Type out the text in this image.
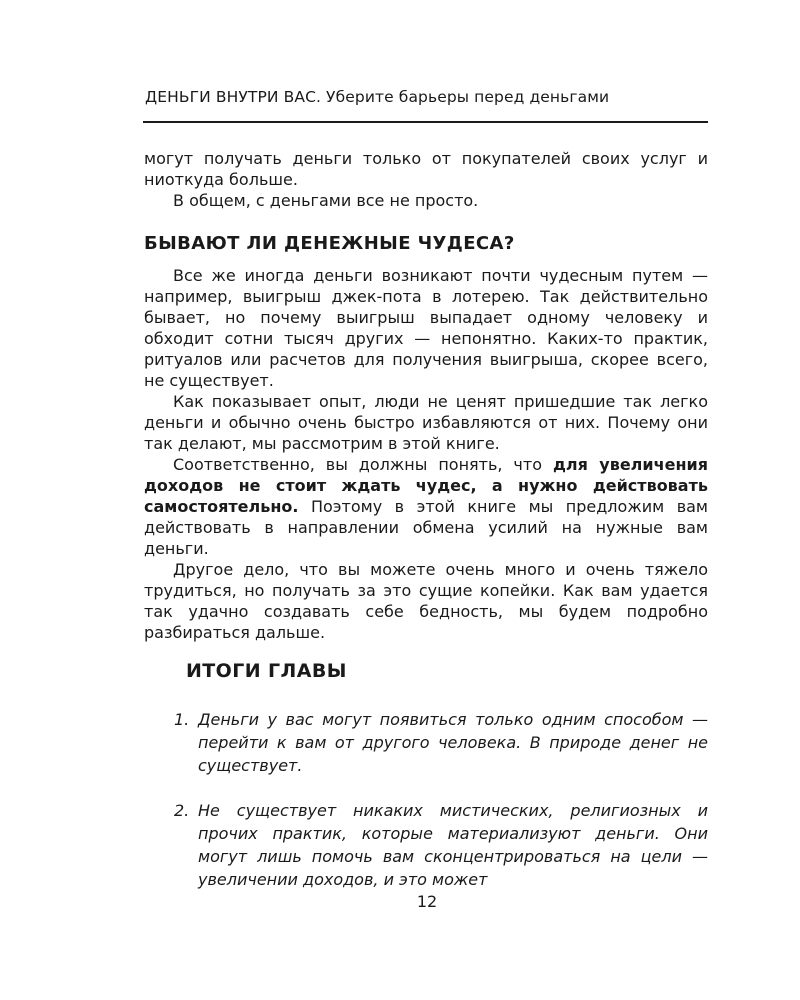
ДЕНЬГИ ВНУТРИ ВАС. Уберите барьеры перед деньгами

могут получать деньги только от покупателей своих услуг и ниоткуда больше.

В общем, с деньгами все не просто.

БЫВАЮТ ЛИ ДЕНЕЖНЫЕ ЧУДЕСА?

Все же иногда деньги возникают почти чудесным путем — например, выигрыш джек-пота в лотерею. Так действительно бывает, но почему выигрыш выпадает одному человеку и обходит сотни тысяч других — непонятно. Каких-то практик, ритуалов или расчетов для получения выигрыша, скорее всего, не существует.

Как показывает опыт, люди не ценят пришедшие так легко деньги и обычно очень быстро избавляются от них. Почему они так делают, мы рассмотрим в этой книге.

Соответственно, вы должны понять, что для увеличения доходов не стоит ждать чудес, а нужно действовать самостоятельно. Поэтому в этой книге мы предложим вам действовать в направлении обмена усилий на нужные вам деньги.

Другое дело, что вы можете очень много и очень тяжело трудиться, но получать за это сущие копейки. Как вам удается так удачно создавать себе бедность, мы будем подробно разбираться дальше.

ИТОГИ ГЛАВЫ
1. Деньги у вас могут появиться только одним способом — перейти к вам от другого человека. В природе денег не существует.
2. Не существует никаких мистических, религиозных и прочих практик, которые материализуют деньги. Они могут лишь помочь вам сконцентрироваться на цели — увеличении доходов, и это может
12
